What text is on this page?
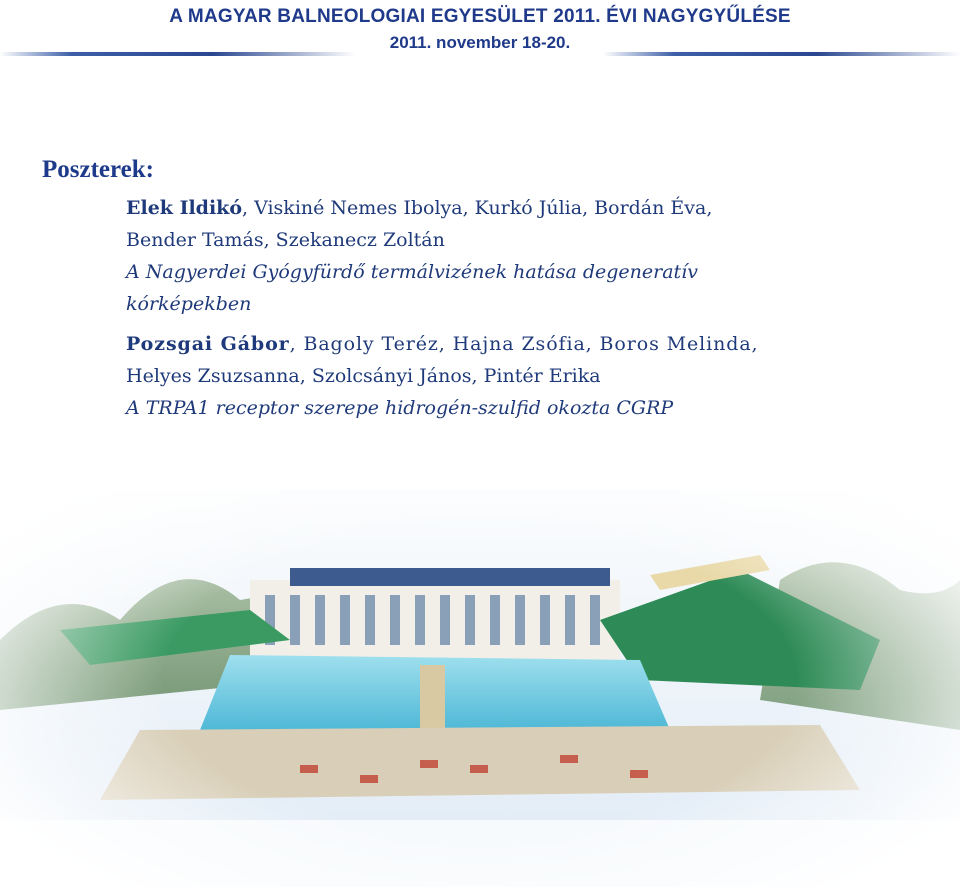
A MAGYAR BALNEOLOGIAI EGYESÜLET 2011. ÉVI NAGYGYŰLÉSE
2011. november 18-20.
Poszterek:
Elek Ildikó, Viskiné Nemes Ibolya, Kurkó Júlia, Bordán Éva,
Bender Tamás, Szekanecz Zoltán
A Nagyerdei Gyógyfürdő termálvizének hatása degeneratív
kórképekben
Pozsgai Gábor, Bagoly Teréz, Hajna Zsófia, Boros Melinda,
Helyes Zsuzsanna, Szolcsányi János, Pintér Erika
A TRPA1 receptor szerepe hidrogén-szulfid okozta CGRP
